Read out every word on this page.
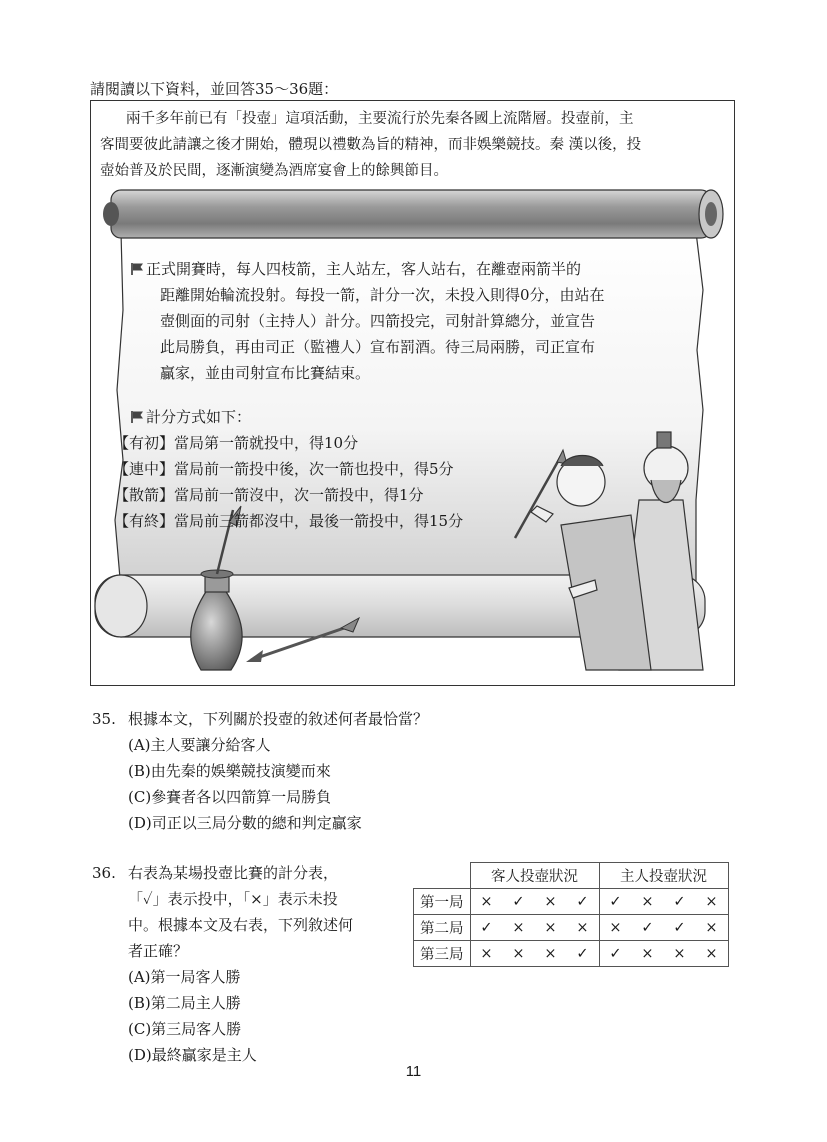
請閱讀以下資料，並回答35～36題：
兩千多年前已有「投壺」這項活動，主要流行於先秦各國上流階層。投壺前，主
客間要彼此請讓之後才開始，體現以禮數為旨的精神，而非娛樂競技。秦 漢以後，投
壺始普及於民間，逐漸演變為酒席宴會上的餘興節目。
正式開賽時，每人四枝箭，主人站左，客人站右，在離壺兩箭半的
距離開始輪流投射。每投一箭，計分一次，未投入則得0分，由站在
壺側面的司射（主持人）計分。四箭投完，司射計算總分，並宣告
此局勝負，再由司正（監禮人）宣布罰酒。待三局兩勝，司正宣布
贏家，並由司射宣布比賽結束。
計分方式如下：
【有初】當局第一箭就投中，得10分
【連中】當局前一箭投中後，次一箭也投中，得5分
【散箭】當局前一箭沒中，次一箭投中，得1分
【有終】當局前三箭都沒中，最後一箭投中，得15分
35. 根據本文，下列關於投壺的敘述何者最恰當？
(A)主人要讓分給客人
(B)由先秦的娛樂競技演變而來
(C)參賽者各以四箭算一局勝負
(D)司正以三局分數的總和判定贏家
36. 右表為某場投壺比賽的計分表，
「✓」表示投中，「×」表示未投
中。根據本文及右表，下列敘述何
者正確？
(A)第一局客人勝
(B)第二局主人勝
(C)第三局客人勝
(D)最終贏家是主人
	客人投壺狀況				主人投壺狀況			
第一局	×	✓	×	✓	✓	×	✓	×
第二局	✓	×	×	×	×	✓	✓	×
第三局	×	×	×	✓	✓	×	×	×
11
